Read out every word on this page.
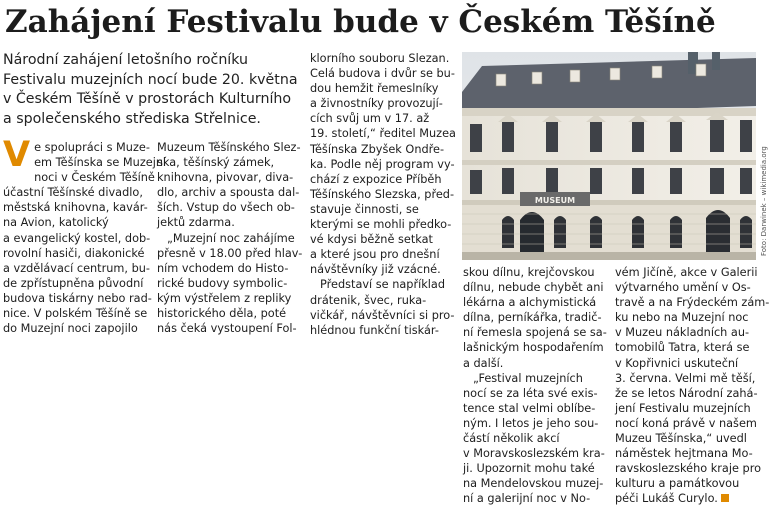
Zahájení Festivalu bude v Českém Těšíně
Národní zahájení letošního ročníku
Festivalu muzejních nocí bude 20. května
v Českém Těšíně v prostorách Kulturního
a společenského střediska Střelnice.
V e spolupráci s Muze-
em Těšínska se Muzejní
noci v Českém Těšíně
účastní Těšínské divadlo,
městská knihovna, kavár-
na Avion, katolický
a evangelický kostel, dob-
rovolní hasiči, diakonické
a vzdělávací centrum, bu-
de zpřístupněna původní
budova tiskárny nebo rad-
nice. V polském Těšíně se
do Muzejní noci zapojilo
Muzeum Těšínského Slez-
ska, těšínský zámek,
knihovna, pivovar, diva-
dlo, archiv a spousta dal-
ších. Vstup do všech ob-
jektů zdarma.
„Muzejní noc zahájíme
přesně v 18.00 před hlav-
ním vchodem do Histo-
rické budovy symbolic-
kým výstřelem z repliky
historického děla, poté
nás čeká vystoupení Fol-
klorního souboru Slezan.
Celá budova i dvůr se bu-
dou hemžit řemeslníky
a živnostníky provozují-
cích svůj um v 17. až
19. století,“ ředitel Muzea
Těšínska Zbyšek Ondře-
ka. Podle něj program vy-
chází z expozice Příběh
Těšínského Slezska, před-
stavuje činnosti, se
kterými se mohli předko-
vé kdysi běžně setkat
a které jsou pro dnešní
návštěvníky již vzácné.
Představí se například
drátenik, švec, ruka-
vičkář, návštěvníci si pro-
hlédnou funkční tiskár-
skou dílnu, krejčovskou
dílnu, nebude chybět ani
lékárna a alchymistická
dílna, perníkářka, tradič-
ní řemesla spojená se sa-
lašnickým hospodařením
a další.
„Festival muzejních
nocí se za léta své exis-
tence stal velmi oblíbe-
ným. I letos je jeho sou-
částí několik akcí
v Moravskoslezském kra-
ji. Upozornit mohu také
na Mendelovskou muzej-
ní a galerijní noc v No-
vém Jičíně, akce v Galerii
výtvarného umění v Os-
travě a na Frýdeckém zám-
ku nebo na Muzejní noc
v Muzeu nákladních au-
tomobilů Tatra, která se
v Kopřivnici uskuteční
3. června. Velmi mě těší,
že se letos Národní zahá-
jení Festivalu muzejních
nocí koná právě v našem
Muzeu Těšínska,“ uvedl
náměstek hejtmana Mo-
ravskoslezského kraje pro
kulturu a památkovou
péči Lukáš Curylo.
MUSEUM	Foto: Darwinek – wikimedia.org
